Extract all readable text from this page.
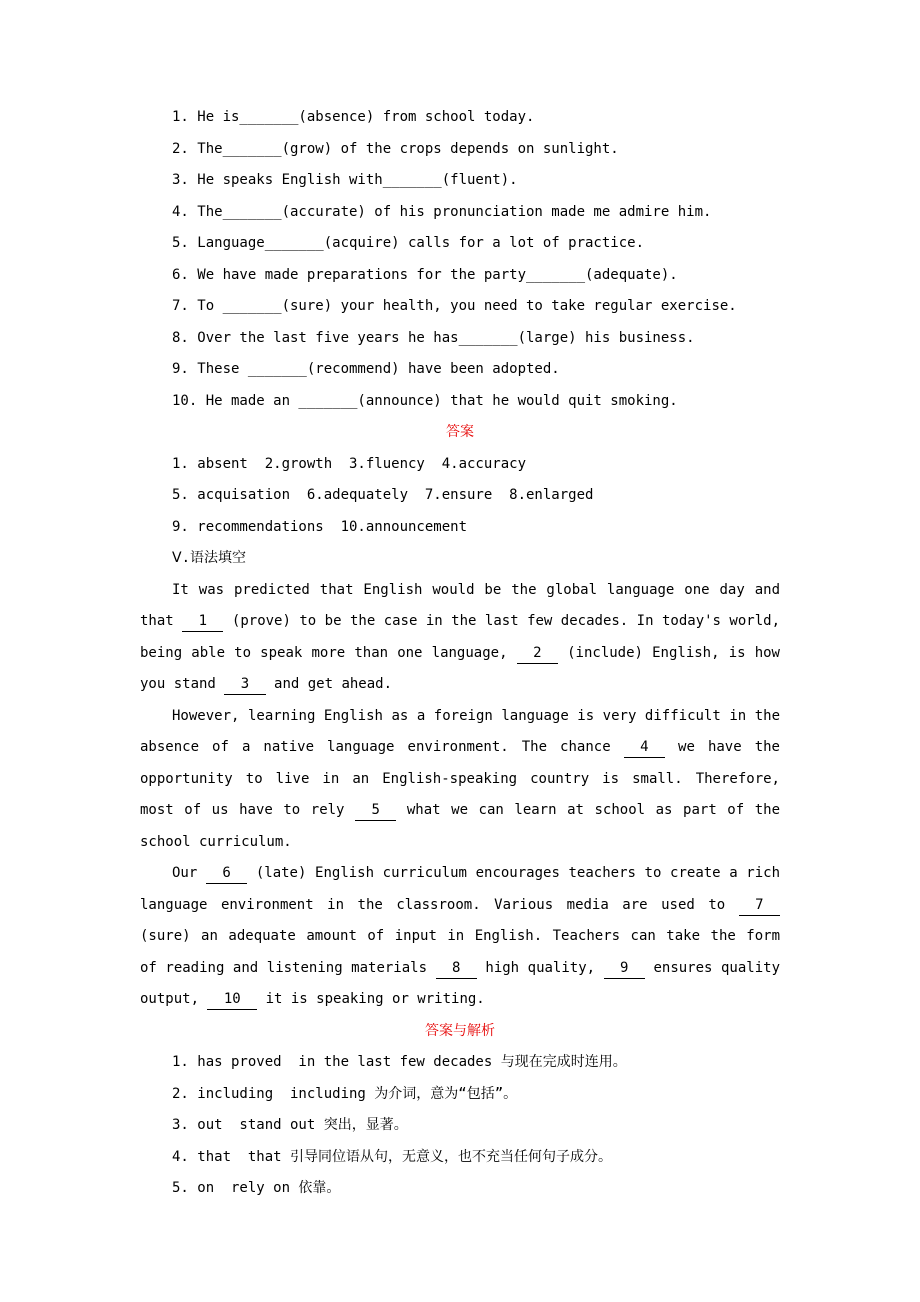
1. He is_______(absence) from school today.

2. The_______(grow) of the crops depends on sunlight.

3. He speaks English with_______(fluent).

4. The_______(accurate) of his pronunciation made me admire him.

5. Language_______(acquire) calls for a lot of practice.

6. We have made preparations for the party_______(adequate).

7. To _______(sure) your health, you need to take regular exercise.

8. Over the last five years he has_______(large) his business.

9. These _______(recommend) have been adopted.

10. He made an _______(announce) that he would quit smoking.

答案

1. absent  2.growth  3.fluency  4.accuracy

5. acquisation  6.adequately  7.ensure  8.enlarged

9. recommendations  10.announcement

Ⅴ.语法填空

It was predicted that English would be the global language one day and that  1  (prove) to be the case in the last few decades. In today's world, being able to speak more than one language,  2  (include) English, is how you stand  3  and get ahead.

However, learning English as a foreign language is very difficult in the absence of a native language environment. The chance  4  we have the opportunity to live in an English-speaking country is small. Therefore, most of us have to rely  5  what we can learn at school as part of the school curriculum.

Our  6  (late) English curriculum encourages teachers to create a rich language environment in the classroom. Various media are used to  7  (sure) an adequate amount of input in English. Teachers can take the form of reading and listening materials  8  high quality,  9  ensures quality output,  10  it is speaking or writing.

答案与解析

1. has proved  in the last few decades 与现在完成时连用。

2. including  including 为介词，意为“包括”。

3. out  stand out 突出，显著。

4. that  that 引导同位语从句，无意义，也不充当任何句子成分。

5. on  rely on 依靠。
